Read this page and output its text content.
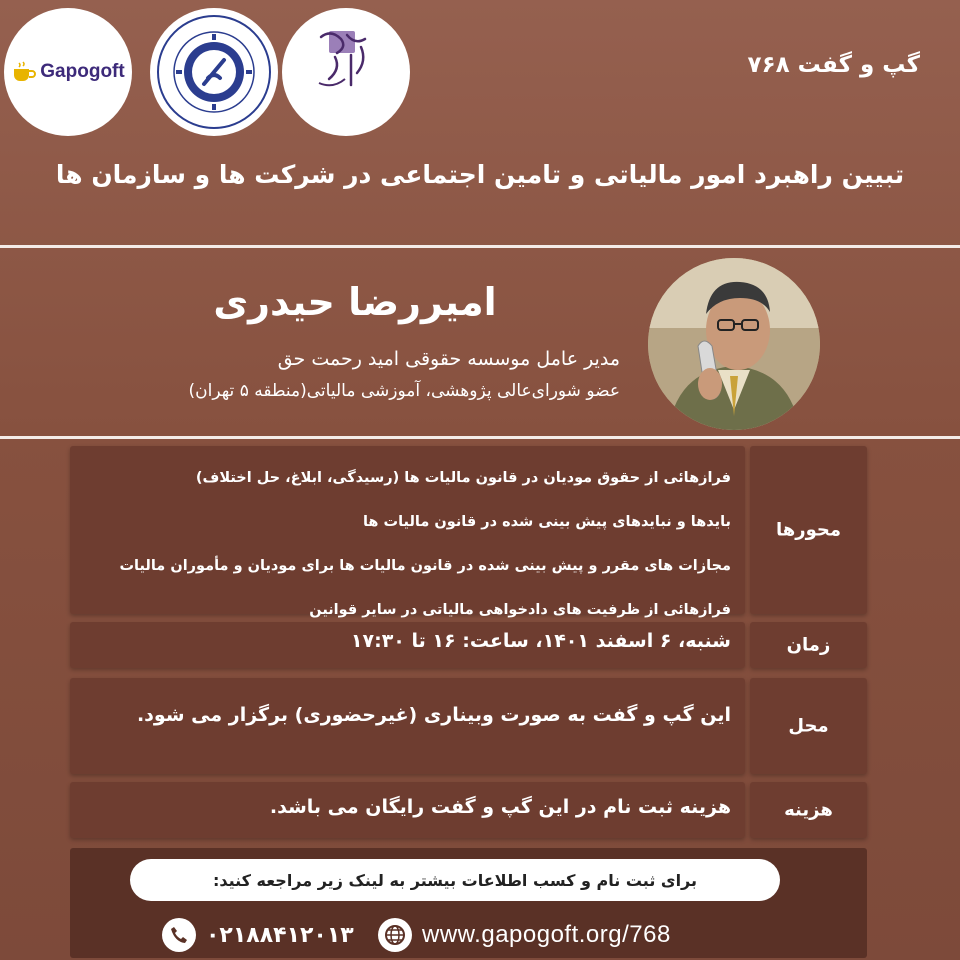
Gapogoft	گپ و گفت ۷۶۸
تبیین راهبرد امور مالیاتی و تامین اجتماعی در شرکت ها و سازمان ها
امیررضا حیدری
مدیر عامل موسسه حقوقی امید رحمت حق
عضو شورای‌عالی پژوهشی، آموزشی مالیاتی(منطقه ۵ تهران)
محورها
فرازهائی از حقوق مودیان در قانون مالیات ها (رسیدگی، ابلاغ، حل اختلاف)
بایدها و نبایدهای پیش بینی شده در قانون مالیات ها
مجازات های مقرر و پیش بینی شده در قانون مالیات ها برای مودیان و مأموران مالیات
فرازهائی از ظرفیت های دادخواهی مالیاتی در سایر قوانین
زمان
شنبه، ۶ اسفند ۱۴۰۱، ساعت: ۱۶ تا ۱۷:۳۰
محل
این گپ و گفت به صورت وبیناری (غیرحضوری) برگزار می شود.
هزینه
هزینه ثبت نام در این گپ و گفت رایگان می باشد.
برای ثبت نام و کسب اطلاعات بیشتر به لینک زیر مراجعه کنید:
۰۲۱۸۸۴۱۲۰۱۳	www.gapogoft.org/768
